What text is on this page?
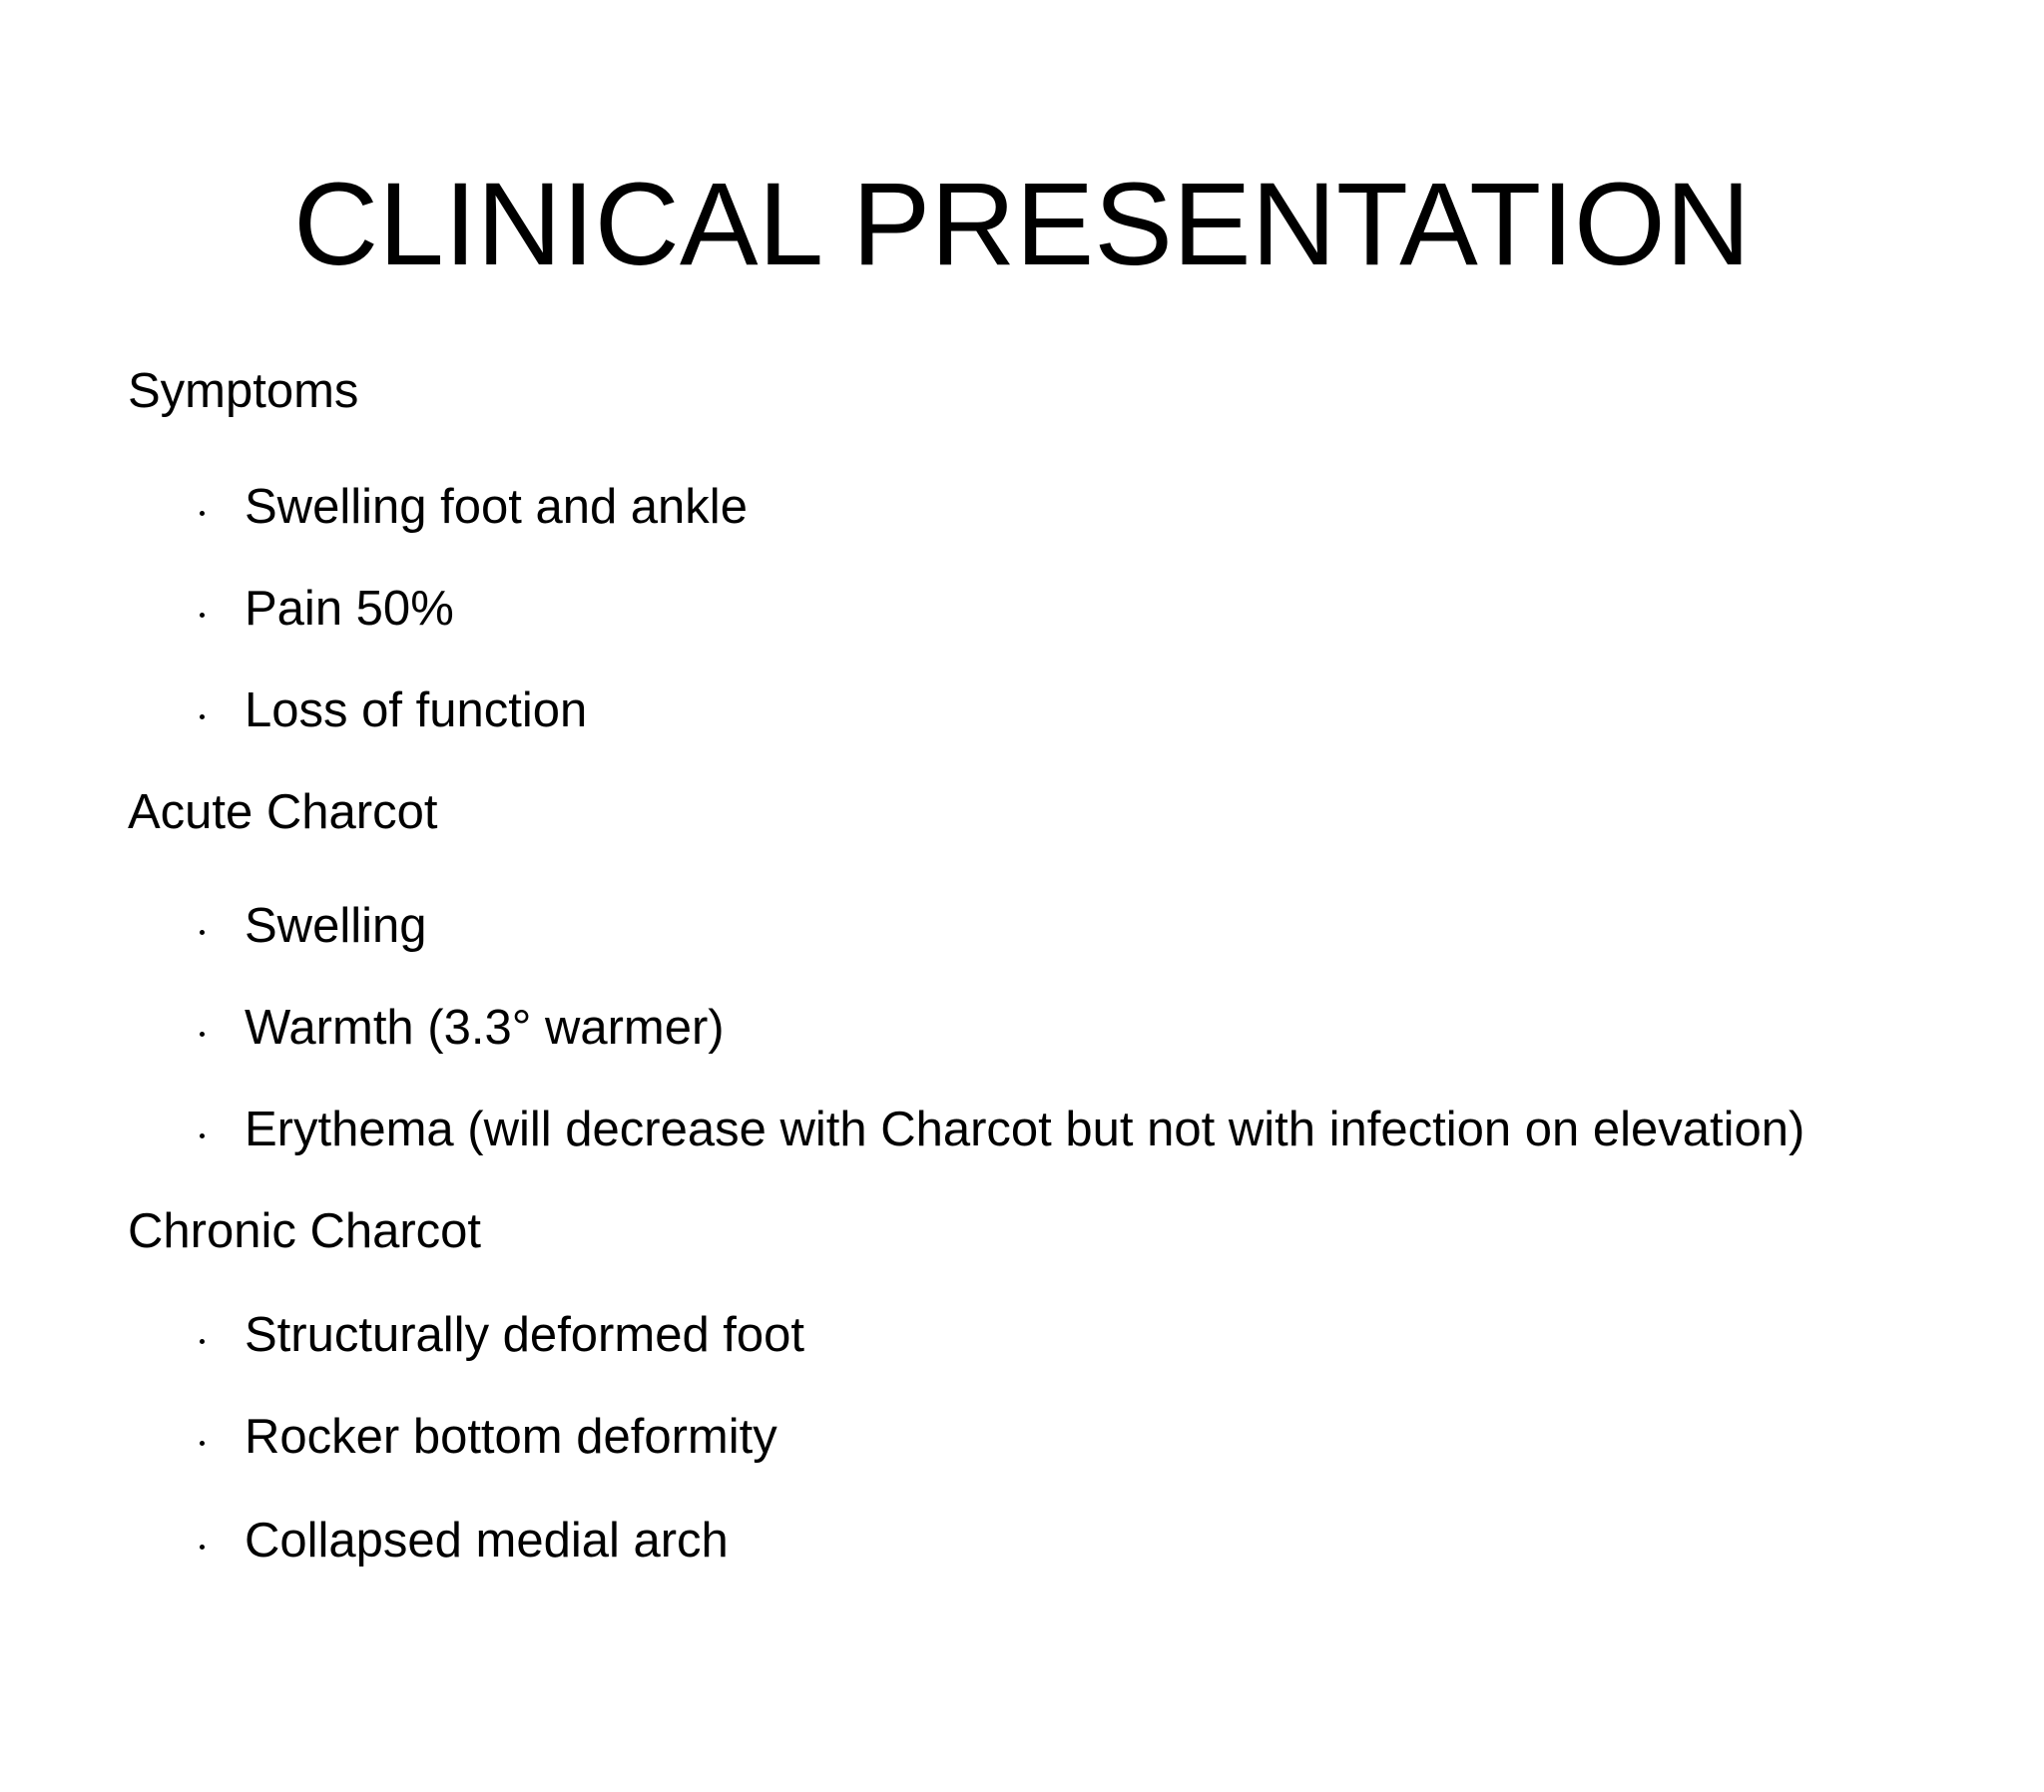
CLINICAL PRESENTATION
Symptoms
Swelling foot and ankle
Pain 50%
Loss of function
Acute Charcot
Swelling
Warmth (3.3° warmer)
Erythema (will decrease with Charcot but not with infection on elevation)
Chronic Charcot
Structurally deformed foot
Rocker bottom deformity
Collapsed medial arch
